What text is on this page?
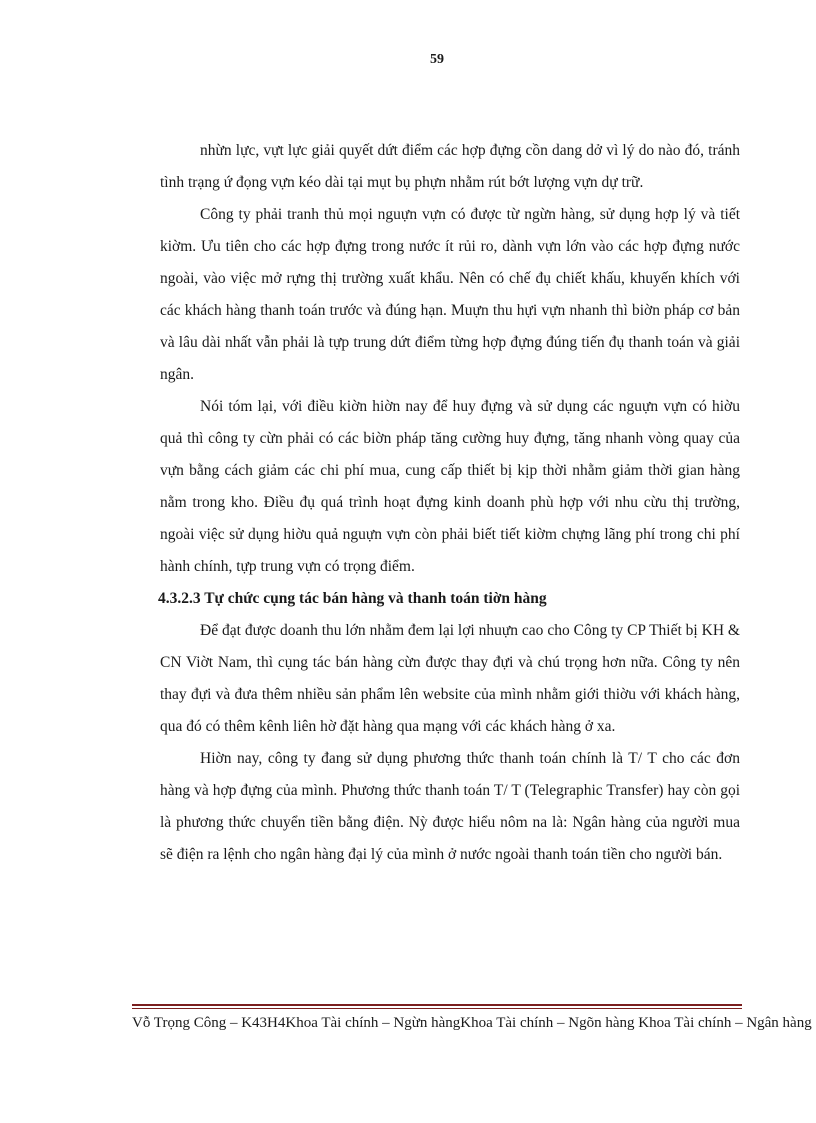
59

nhừn lực, vựt lực giải quyết dứt điểm các hợp đựng cồn dang dở vì lý do nào đó, tránh tình trạng ứ đọng vựn kéo dài tại mụt bụ phựn nhằm rút bớt lượng vựn dự trữ.

Công ty phải tranh thủ mọi nguựn vựn có được từ ngừn hàng, sử dụng hợp lý và tiết kiờm. Ưu tiên cho các hợp đựng trong nước ít rủi ro, dành vựn lớn vào các hợp đựng nước ngoài, vào việc mở rựng thị trường xuất khẩu. Nên có chế đụ chiết khấu, khuyến khích với các khách hàng thanh toán trước và đúng hạn. Muựn thu hựi vựn nhanh thì biờn pháp cơ bản và lâu dài nhất vẫn phải là tựp trung dứt điểm từng hợp đựng đúng tiến đụ thanh toán và giải ngân.

Nói tóm lại, với điều kiờn hiờn nay để huy đựng và sử dụng các nguựn vựn có hiờu quả thì công ty cừn phải có các biờn pháp tăng cường huy đựng, tăng nhanh vòng quay của vựn bằng cách giảm các chi phí mua, cung cấp thiết bị kịp thời nhằm giảm thời gian hàng nằm trong kho. Điều đụ quá trình hoạt đựng kinh doanh phù hợp với nhu cừu thị trường, ngoài việc sử dụng hiờu quả nguựn vựn còn phải biết tiết kiờm chựng lãng phí trong chi phí hành chính, tựp trung vựn có trọng điểm.

4.3.2.3 Tự chức cụng tác bán hàng và thanh toán tiờn hàng

Để đạt được doanh thu lớn nhằm đem lại lợi nhuựn cao cho Công ty CP Thiết bị KH & CN Viờt Nam, thì cụng tác bán hàng cừn được thay đựi và chú trọng hơn nữa. Công ty nên thay đựi và đưa thêm nhiều sản phẩm lên website của mình nhằm giới thiờu với khách hàng, qua đó có thêm kênh liên hờ đặt hàng qua mạng với các khách hàng ở xa.

Hiờn nay, công ty đang sử dụng phương thức thanh toán chính là T/ T cho các đơn hàng và hợp đựng của mình. Phương thức thanh toán T/ T (Telegraphic Transfer) hay còn gọi là phương thức chuyển tiền bằng điện. Nỳ được hiểu nôm na là: Ngân hàng của người mua sẽ điện ra lệnh cho ngân hàng đại lý của mình ở nước ngoài thanh toán tiền cho người bán.

Vỗ Trọng Công – K43H4Khoa Tài chính – Ngừn hàngKhoa Tài chính – Ngõn hàng Khoa Tài chính – Ngân hàng
